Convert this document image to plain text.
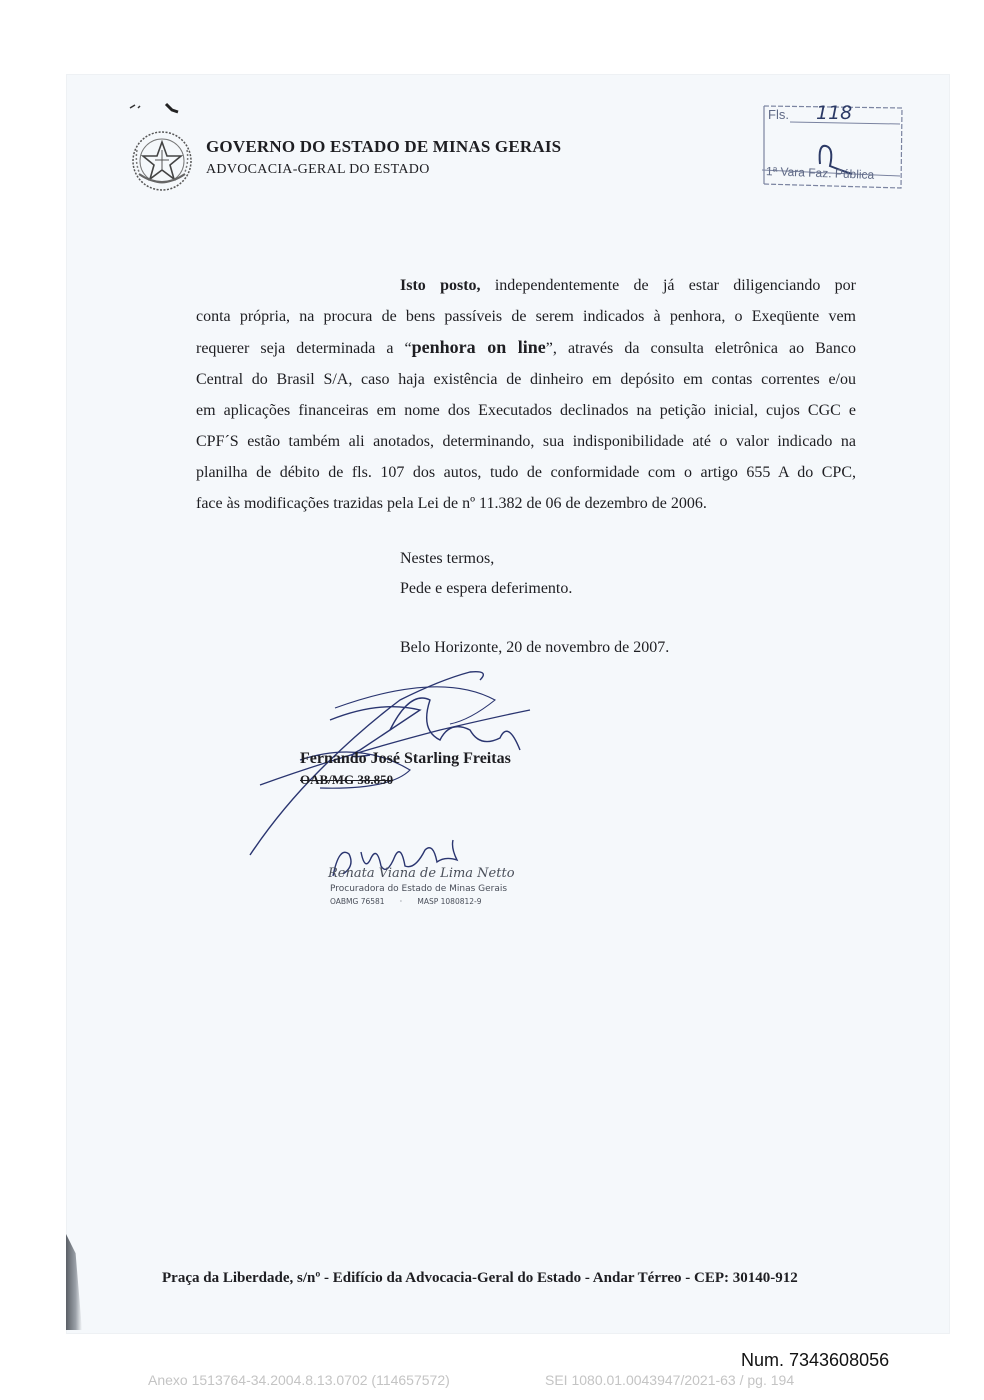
GOVERNO DO ESTADO DE MINAS GERAIS
ADVOCACIA-GERAL DO ESTADO
Fls. 118
1ª Vara Faz. Pública
Isto posto, independentemente de já estar diligenciando por
conta própria, na procura de bens passíveis de serem indicados à penhora, o Exeqüente vem
requerer seja determinada a “penhora on line”, através da consulta eletrônica ao Banco
Central do Brasil S/A, caso haja existência de dinheiro em depósito em contas correntes e/ou
em aplicações financeiras em nome dos Executados declinados na petição inicial, cujos CGC e
CPF´S estão também ali anotados, determinando, sua indisponibilidade até o valor indicado na
planilha de débito de fls. 107 dos autos, tudo de conformidade com o artigo 655 A do CPC,
face às modificações trazidas pela Lei de nº 11.382 de 06 de dezembro de 2006.
Nestes termos,
Pede e espera deferimento.
Belo Horizonte, 20 de novembro de 2007.
Fernando José Starling Freitas
OAB/MG 38.850
Renata Viana de Lima Netto
Procuradora do Estado de Minas Gerais
OABMG 76581 · MASP 1080812-9
Praça da Liberdade, s/nº - Edifício da Advocacia-Geral do Estado - Andar Térreo - CEP: 30140-912
Num. 7343608056
Anexo 1513764-34.2004.8.13.0702 (114657572)	SEI 1080.01.0043947/2021-63 / pg. 194
